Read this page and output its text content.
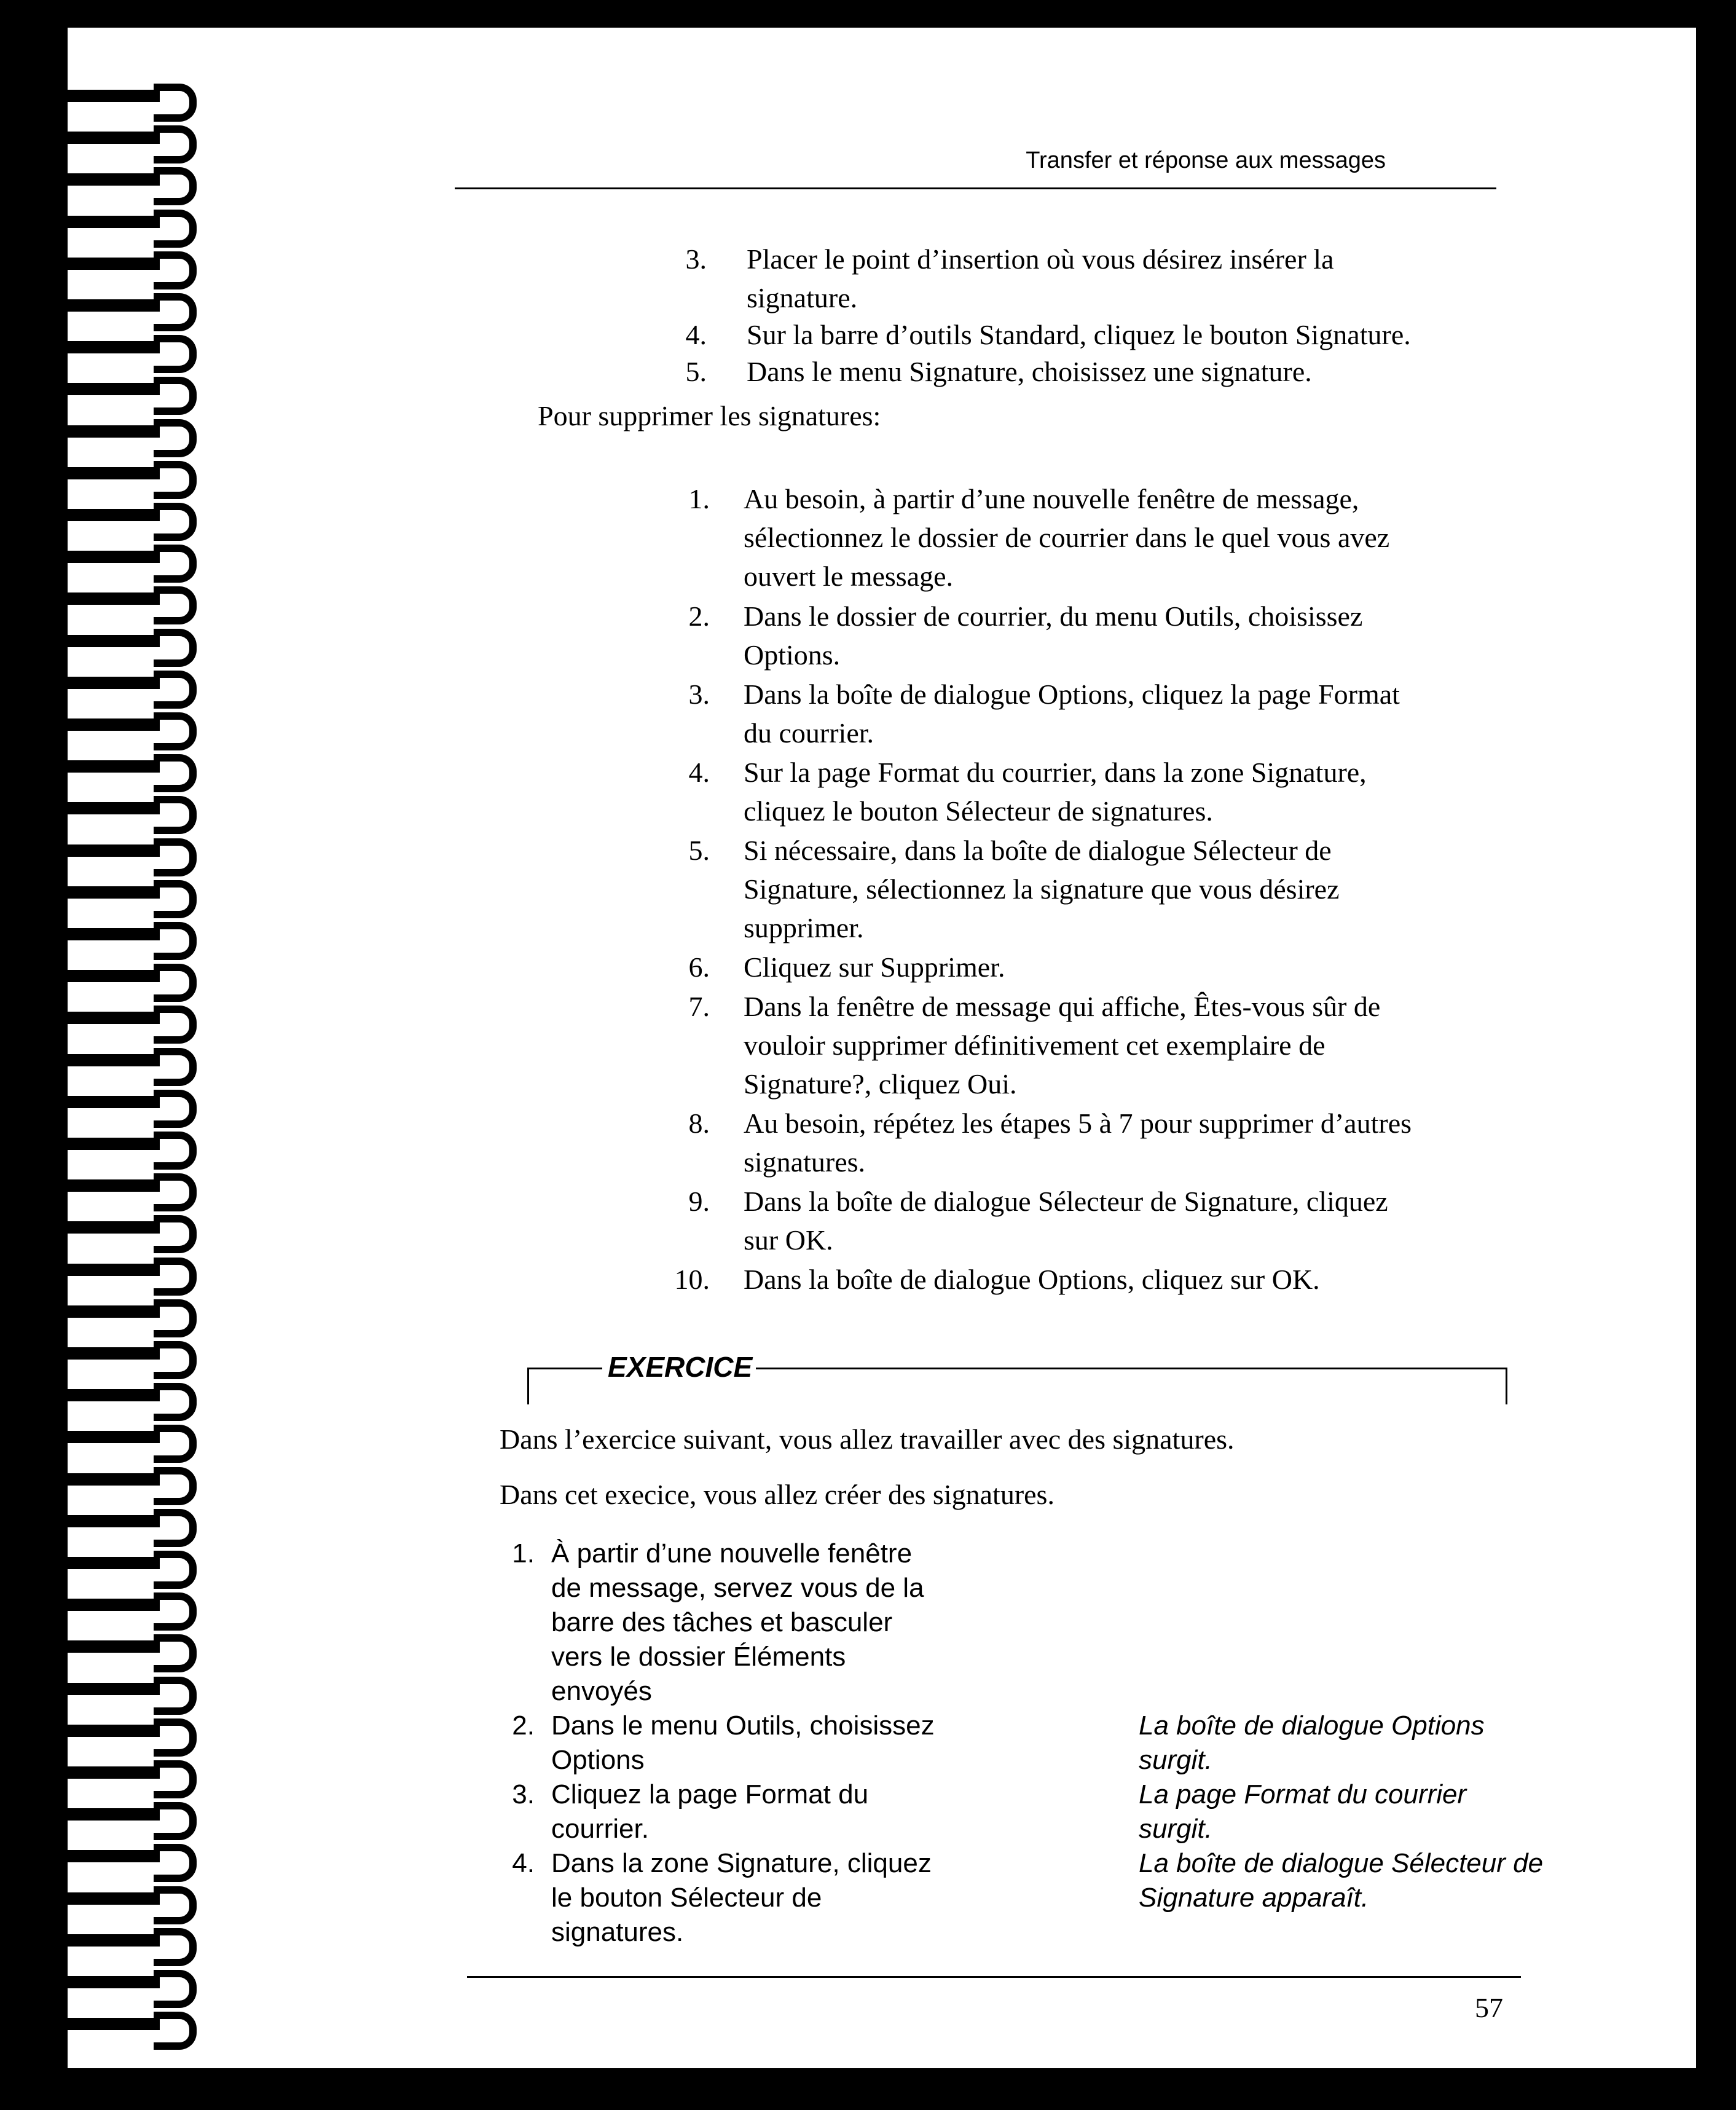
Transfer et réponse aux messages
3. Placer le point d’insertion où vous désirez insérer la
signature.
4. Sur la barre d’outils Standard, cliquez le bouton Signature.
5. Dans le menu Signature, choisissez une signature.
Pour supprimer les signatures:
1. Au besoin, à partir d’une nouvelle fenêtre de message,
sélectionnez le dossier de courrier dans le quel vous avez
ouvert le message.
2. Dans le dossier de courrier, du menu Outils, choisissez
Options.
3. Dans la boîte de dialogue Options, cliquez la page Format
du courrier.
4. Sur la page Format du courrier, dans la zone Signature,
cliquez le bouton Sélecteur de signatures.
5. Si nécessaire, dans la boîte de dialogue Sélecteur de
Signature, sélectionnez la signature que vous désirez
supprimer.
6. Cliquez sur Supprimer.
7. Dans la fenêtre de message qui affiche, Êtes-vous sûr de
vouloir supprimer définitivement cet exemplaire de
Signature?, cliquez Oui.
8. Au besoin, répétez les étapes 5 à 7 pour supprimer d’autres
signatures.
9. Dans la boîte de dialogue Sélecteur de Signature, cliquez
sur OK.
10. Dans la boîte de dialogue Options, cliquez sur OK.
EXERCICE
Dans l’exercice suivant, vous allez travailler avec des signatures.
Dans cet execice, vous allez créer des signatures.
1. À partir d’une nouvelle fenêtre
de message, servez vous de la
barre des tâches et basculer
vers le dossier Éléments
envoyés
2. Dans le menu Outils, choisissez
Options
La boîte de dialogue Options
surgit.
3. Cliquez la page Format du
courrier.
La page Format du courrier
surgit.
4. Dans la zone Signature, cliquez
le bouton Sélecteur de
signatures.
La boîte de dialogue Sélecteur de
Signature apparaît.
57
